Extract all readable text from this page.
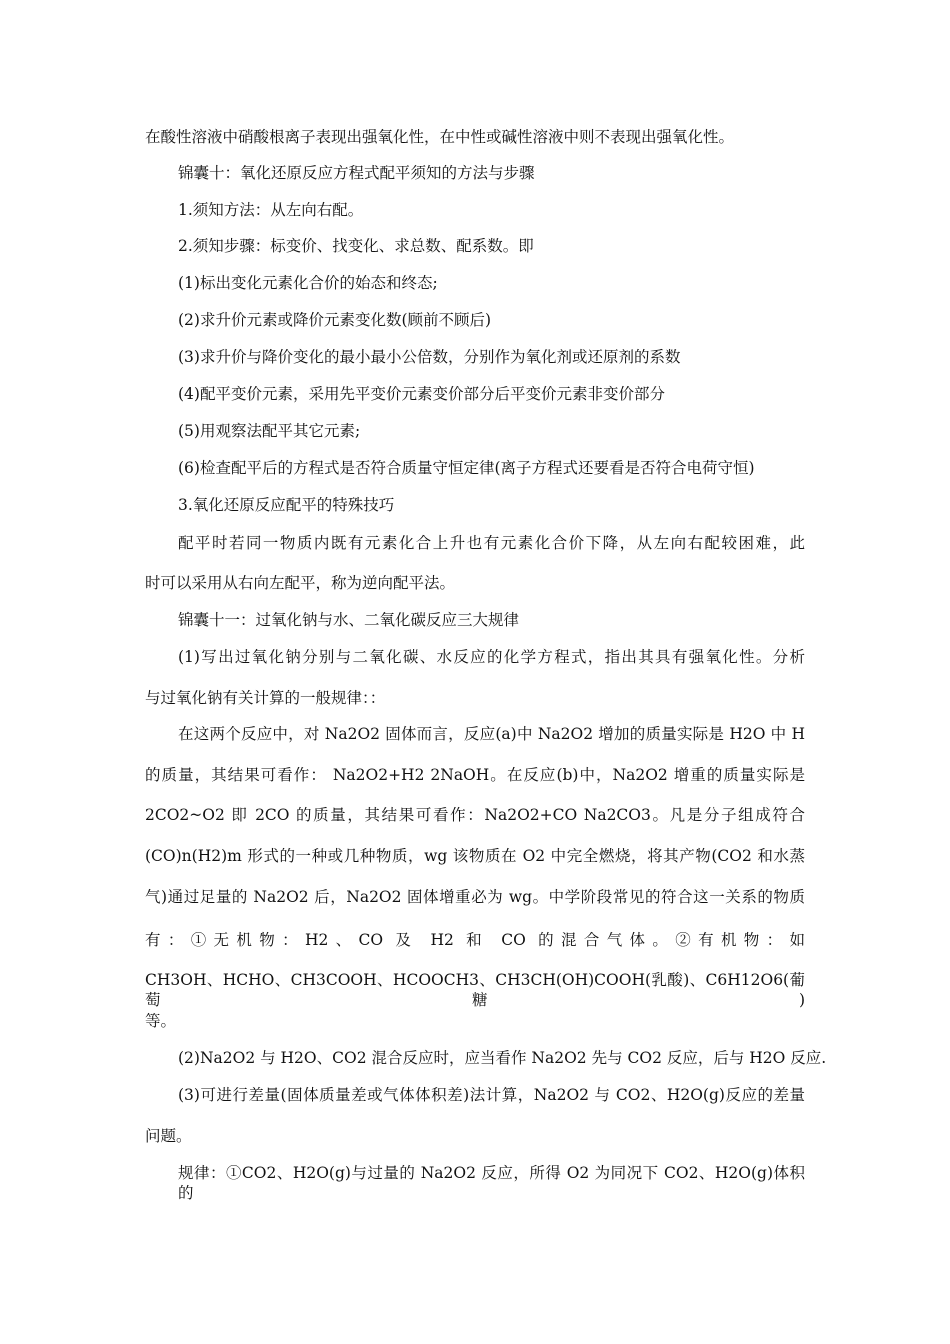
在酸性溶液中硝酸根离子表现出强氧化性，在中性或碱性溶液中则不表现出强氧化性。
锦囊十：氧化还原反应方程式配平须知的方法与步骤
1.须知方法：从左向右配。
2.须知步骤：标变价、找变化、求总数、配系数。即
(1)标出变化元素化合价的始态和终态;
(2)求升价元素或降价元素变化数(顾前不顾后)
(3)求升价与降价变化的最小最小公倍数，分别作为氧化剂或还原剂的系数
(4)配平变价元素，采用先平变价元素变价部分后平变价元素非变价部分
(5)用观察法配平其它元素;
(6)检查配平后的方程式是否符合质量守恒定律(离子方程式还要看是否符合电荷守恒)
3.氧化还原反应配平的特殊技巧
配平时若同一物质内既有元素化合上升也有元素化合价下降，从左向右配较困难，此
时可以采用从右向左配平，称为逆向配平法。
锦囊十一：过氧化钠与水、二氧化碳反应三大规律
(1)写出过氧化钠分别与二氧化碳、水反应的化学方程式，指出其具有强氧化性。分析
与过氧化钠有关计算的一般规律：：
在这两个反应中，对 Na2O2 固体而言，反应(a)中 Na2O2 增加的质量实际是 H2O 中 H
的质量，其结果可看作： Na2O2+H2 2NaOH。在反应(b)中，Na2O2 增重的质量实际是
2CO2~O2 即 2CO 的质量，其结果可看作：Na2O2+CO Na2CO3。凡是分子组成符合
(CO)n(H2)m 形式的一种或几种物质，wg 该物质在 O2 中完全燃烧，将其产物(CO2 和水蒸
气)通过足量的 Na2O2 后，Na2O2 固体增重必为 wg。中学阶段常见的符合这一关系的物质
有：①无机物：H2、CO 及 H2 和 CO 的混合气体。②有机物：如
CH3OH、HCHO、CH3COOH、HCOOCH3、CH3CH(OH)COOH(乳酸)、C6H12O6(葡萄糖)
等。
(2)Na2O2 与 H2O、CO2 混合反应时，应当看作 Na2O2 先与 CO2 反应，后与 H2O 反应.
(3)可进行差量(固体质量差或气体体积差)法计算，Na2O2 与 CO2、H2O(g)反应的差量
问题。
规律：①CO2、H2O(g)与过量的 Na2O2 反应，所得 O2 为同况下 CO2、H2O(g)体积的
